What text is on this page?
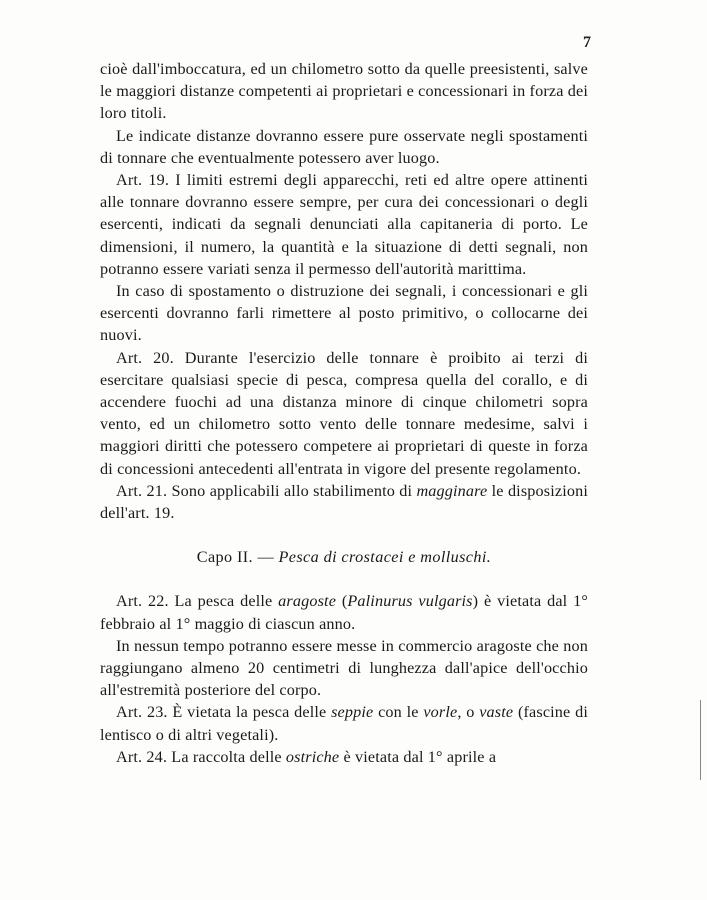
7

cioè dall'imboccatura, ed un chilometro sotto da quelle preesistenti, salve le maggiori distanze competenti ai proprietari e concessionari in forza dei loro titoli.

Le indicate distanze dovranno essere pure osservate negli spostamenti di tonnare che eventualmente potessero aver luogo.

Art. 19. I limiti estremi degli apparecchi, reti ed altre opere attinenti alle tonnare dovranno essere sempre, per cura dei concessionari o degli esercenti, indicati da segnali denunciati alla capitaneria di porto. Le dimensioni, il numero, la quantità e la situazione di detti segnali, non potranno essere variati senza il permesso dell'autorità marittima.

In caso di spostamento o distruzione dei segnali, i concessionari e gli esercenti dovranno farli rimettere al posto primitivo, o collocarne dei nuovi.

Art. 20. Durante l'esercizio delle tonnare è proibito ai terzi di esercitare qualsiasi specie di pesca, compresa quella del corallo, e di accendere fuochi ad una distanza minore di cinque chilometri sopra vento, ed un chilometro sotto vento delle tonnare medesime, salvi i maggiori diritti che potessero competere ai proprietari di queste in forza di concessioni antecedenti all'entrata in vigore del presente regolamento.

Art. 21. Sono applicabili allo stabilimento di magginare le disposizioni dell'art. 19.

Capo II. — Pesca di crostacei e molluschi.

Art. 22. La pesca delle aragoste (Palinurus vulgaris) è vietata dal 1° febbraio al 1° maggio di ciascun anno.

In nessun tempo potranno essere messe in commercio aragoste che non raggiungano almeno 20 centimetri di lunghezza dall'apice dell'occhio all'estremità posteriore del corpo.

Art. 23. È vietata la pesca delle seppie con le vorle, o vaste (fascine di lentisco o di altri vegetali).

Art. 24. La raccolta delle ostriche è vietata dal 1° aprile a
